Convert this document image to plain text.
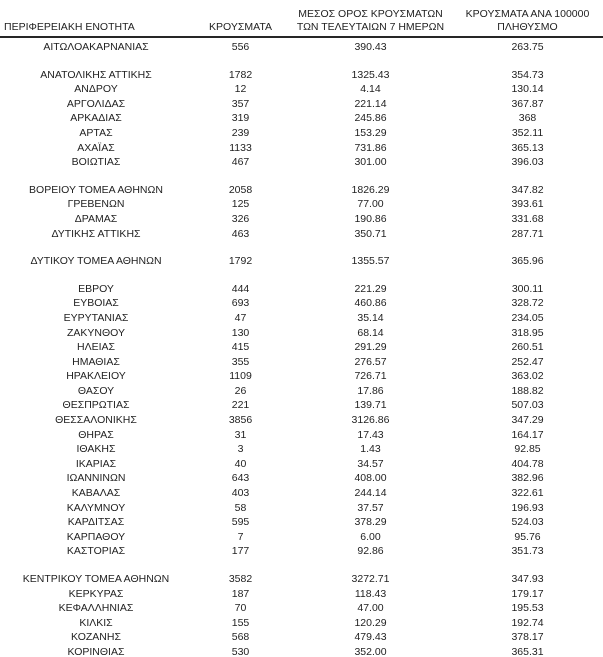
ΠΕΡΙΦΕΡΕΙΑΚΗ ΕΝΟΤΗΤΑ	ΚΡΟΥΣΜΑΤΑ	ΜΕΣΟΣ ΟΡΟΣ ΚΡΟΥΣΜΑΤΩΝ ΤΩΝ ΤΕΛΕΥΤΑΙΩΝ 7 ΗΜΕΡΩΝ	ΚΡΟΥΣΜΑΤΑ ΑΝΑ 100000 ΠΛΗΘΥΣΜΟ
ΑΙΤΩΛΟΑΚΑΡΝΑΝΙΑΣ	556	390.43	263.75
ΑΝΑΤΟΛΙΚΗΣ ΑΤΤΙΚΗΣ	1782	1325.43	354.73
ΑΝΔΡΟΥ	12	4.14	130.14
ΑΡΓΟΛΙΔΑΣ	357	221.14	367.87
ΑΡΚΑΔΙΑΣ	319	245.86	368
ΑΡΤΑΣ	239	153.29	352.11
ΑΧΑΪΑΣ	1133	731.86	365.13
ΒΟΙΩΤΙΑΣ	467	301.00	396.03
ΒΟΡΕΙΟΥ ΤΟΜΕΑ ΑΘΗΝΩΝ	2058	1826.29	347.82
ΓΡΕΒΕΝΩΝ	125	77.00	393.61
ΔΡΑΜΑΣ	326	190.86	331.68
ΔΥΤΙΚΗΣ ΑΤΤΙΚΗΣ	463	350.71	287.71
ΔΥΤΙΚΟΥ ΤΟΜΕΑ ΑΘΗΝΩΝ	1792	1355.57	365.96
ΕΒΡΟΥ	444	221.29	300.11
ΕΥΒΟΙΑΣ	693	460.86	328.72
ΕΥΡΥΤΑΝΙΑΣ	47	35.14	234.05
ΖΑΚΥΝΘΟΥ	130	68.14	318.95
ΗΛΕΙΑΣ	415	291.29	260.51
ΗΜΑΘΙΑΣ	355	276.57	252.47
ΗΡΑΚΛΕΙΟΥ	1109	726.71	363.02
ΘΑΣΟΥ	26	17.86	188.82
ΘΕΣΠΡΩΤΙΑΣ	221	139.71	507.03
ΘΕΣΣΑΛΟΝΙΚΗΣ	3856	3126.86	347.29
ΘΗΡΑΣ	31	17.43	164.17
ΙΘΑΚΗΣ	3	1.43	92.85
ΙΚΑΡΙΑΣ	40	34.57	404.78
ΙΩΑΝΝΙΝΩΝ	643	408.00	382.96
ΚΑΒΑΛΑΣ	403	244.14	322.61
ΚΑΛΥΜΝΟΥ	58	37.57	196.93
ΚΑΡΔΙΤΣΑΣ	595	378.29	524.03
ΚΑΡΠΑΘΟΥ	7	6.00	95.76
ΚΑΣΤΟΡΙΑΣ	177	92.86	351.73
ΚΕΝΤΡΙΚΟΥ ΤΟΜΕΑ ΑΘΗΝΩΝ	3582	3272.71	347.93
ΚΕΡΚΥΡΑΣ	187	118.43	179.17
ΚΕΦΑΛΛΗΝΙΑΣ	70	47.00	195.53
ΚΙΛΚΙΣ	155	120.29	192.74
ΚΟΖΑΝΗΣ	568	479.43	378.17
ΚΟΡΙΝΘΙΑΣ	530	352.00	365.31
